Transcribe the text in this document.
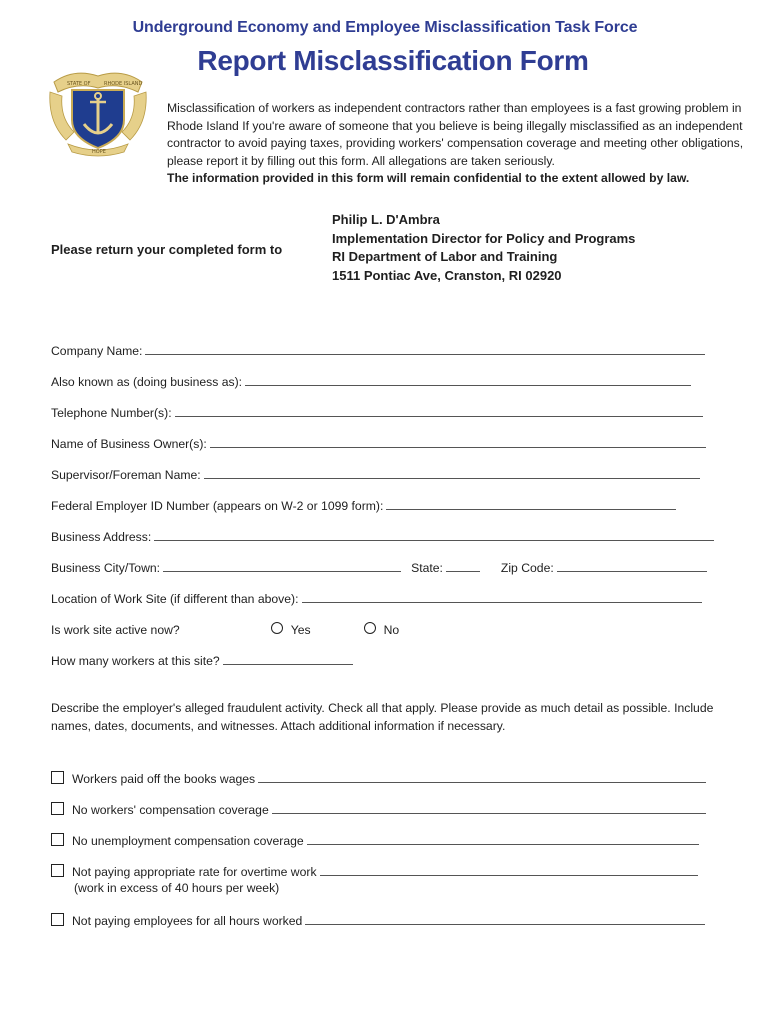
Underground Economy and Employee Misclassification Task Force
Report Misclassification Form
STATE OF	RHODE ISLAND
HOPE
Misclassification of workers as independent contractors rather than employees is a fast growing problem in Rhode Island If you're aware of someone that you believe is being illegally misclassified as an independent contractor to avoid paying taxes, providing workers' compensation coverage and meeting other obligations, please report it by filling out this form. All allegations are taken seriously.
The information provided in this form will remain confidential to the extent allowed by law.
Please return your completed form to
Philip L. D'Ambra
Implementation Director for Policy and Programs
RI Department of Labor and Training
1511 Pontiac Ave, Cranston, RI 02920
Company Name:
Also known as (doing business as):
Telephone Number(s):
Name of Business Owner(s):
Supervisor/Foreman Name:
Federal Employer ID Number (appears on W-2 or 1099 form):
Business Address:
Business City/Town:	State:	Zip Code:
Location of Work Site (if different than above):
Is work site active now?	Yes	No
How many workers at this site?
Describe the employer's alleged fraudulent activity. Check all that apply. Please provide as much detail as possible. Include names, dates, documents, and witnesses. Attach additional information if necessary.
Workers paid off the books wages
No workers' compensation coverage
No unemployment compensation coverage
Not paying appropriate rate for overtime work
(work in excess of 40 hours per week)
Not paying employees for all hours worked
